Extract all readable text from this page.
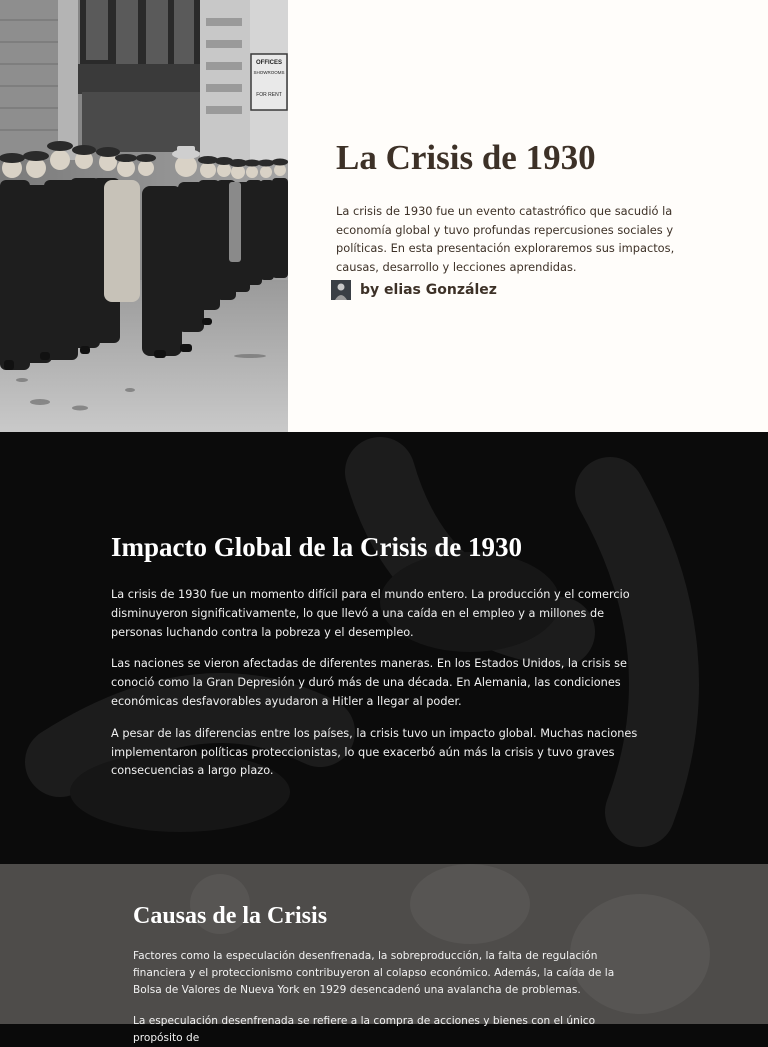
OFFICES
SHOWROOMS
FOR RENT
La Crisis de 1930

La crisis de 1930 fue un evento catastrófico que sacudió la economía global y tuvo profundas repercusiones sociales y políticas. En esta presentación exploraremos sus impactos, causas, desarrollo y lecciones aprendidas.

by elias González
Impacto Global de la Crisis de 1930

La crisis de 1930 fue un momento difícil para el mundo entero. La producción y el comercio disminuyeron significativamente, lo que llevó a una caída en el empleo y a millones de personas luchando contra la pobreza y el desempleo.

Las naciones se vieron afectadas de diferentes maneras. En los Estados Unidos, la crisis se conoció como la Gran Depresión y duró más de una década. En Alemania, las condiciones económicas desfavorables ayudaron a Hitler a llegar al poder.

A pesar de las diferencias entre los países, la crisis tuvo un impacto global. Muchas naciones implementaron políticas proteccionistas, lo que exacerbó aún más la crisis y tuvo graves consecuencias a largo plazo.

Causas de la Crisis

Factores como la especulación desenfrenada, la sobreproducción, la falta de regulación financiera y el proteccionismo contribuyeron al colapso económico. Además, la caída de la Bolsa de Valores de Nueva York en 1929 desencadenó una avalancha de problemas.

La especulación desenfrenada se refiere a la compra de acciones y bienes con el único propósito de
